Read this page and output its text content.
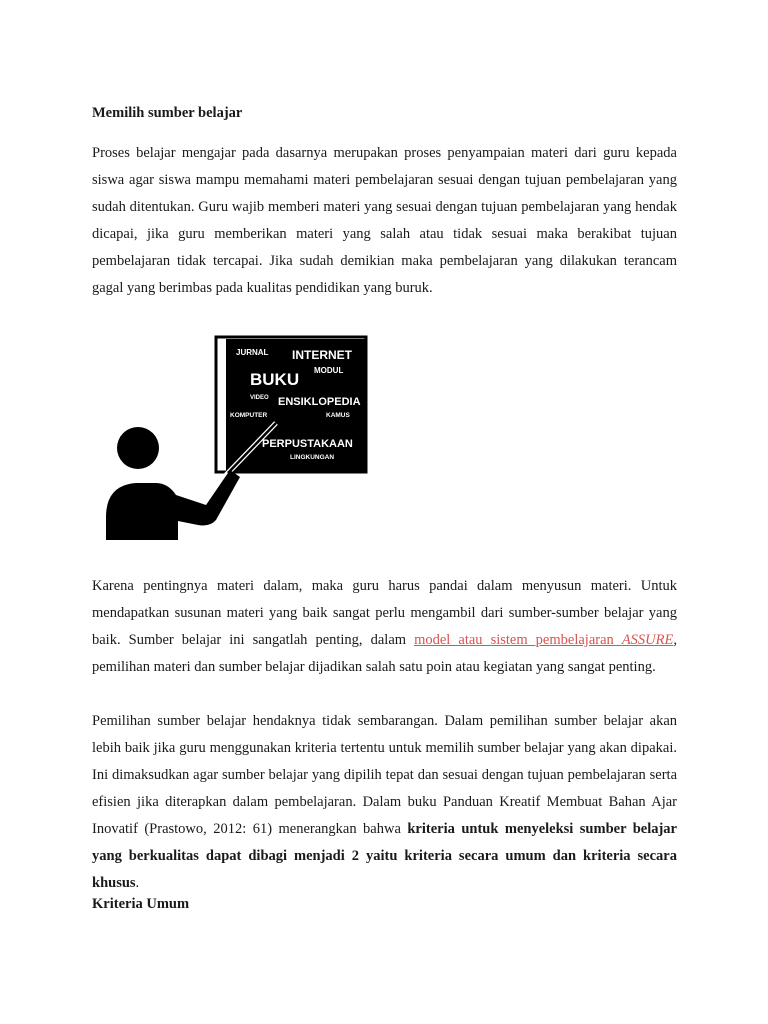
Memilih sumber belajar

Proses belajar mengajar pada dasarnya merupakan proses penyampaian materi dari guru kepada siswa agar siswa mampu memahami materi pembelajaran sesuai dengan tujuan pembelajaran yang sudah ditentukan. Guru wajib memberi materi yang sesuai dengan tujuan pembelajaran yang hendak dicapai, jika guru memberikan materi yang salah atau tidak sesuai maka berakibat tujuan pembelajaran tidak tercapai. Jika sudah demikian maka pembelajaran yang dilakukan terancam gagal yang berimbas pada kualitas pendidikan yang buruk.

JURNAL INTERNET
MODUL
BUKU
VIDEO ENSIKLOPEDIA
KOMPUTER	KAMUS
PERPUSTAKAAN
LINGKUNGAN

Karena pentingnya materi dalam, maka guru harus pandai dalam menyusun materi. Untuk mendapatkan susunan materi yang baik sangat perlu mengambil dari sumber-sumber belajar yang baik. Sumber belajar ini sangatlah penting, dalam model atau sistem pembelajaran ASSURE, pemilihan materi dan sumber belajar dijadikan salah satu poin atau kegiatan yang sangat penting.

Pemilihan sumber belajar hendaknya tidak sembarangan. Dalam pemilihan sumber belajar akan lebih baik jika guru menggunakan kriteria tertentu untuk memilih sumber belajar yang akan dipakai. Ini dimaksudkan agar sumber belajar yang dipilih tepat dan sesuai dengan tujuan pembelajaran serta efisien jika diterapkan dalam pembelajaran. Dalam buku Panduan Kreatif Membuat Bahan Ajar Inovatif (Prastowo, 2012: 61) menerangkan bahwa kriteria untuk menyeleksi sumber belajar yang berkualitas dapat dibagi menjadi 2 yaitu kriteria secara umum dan kriteria secara khusus.

Kriteria Umum
